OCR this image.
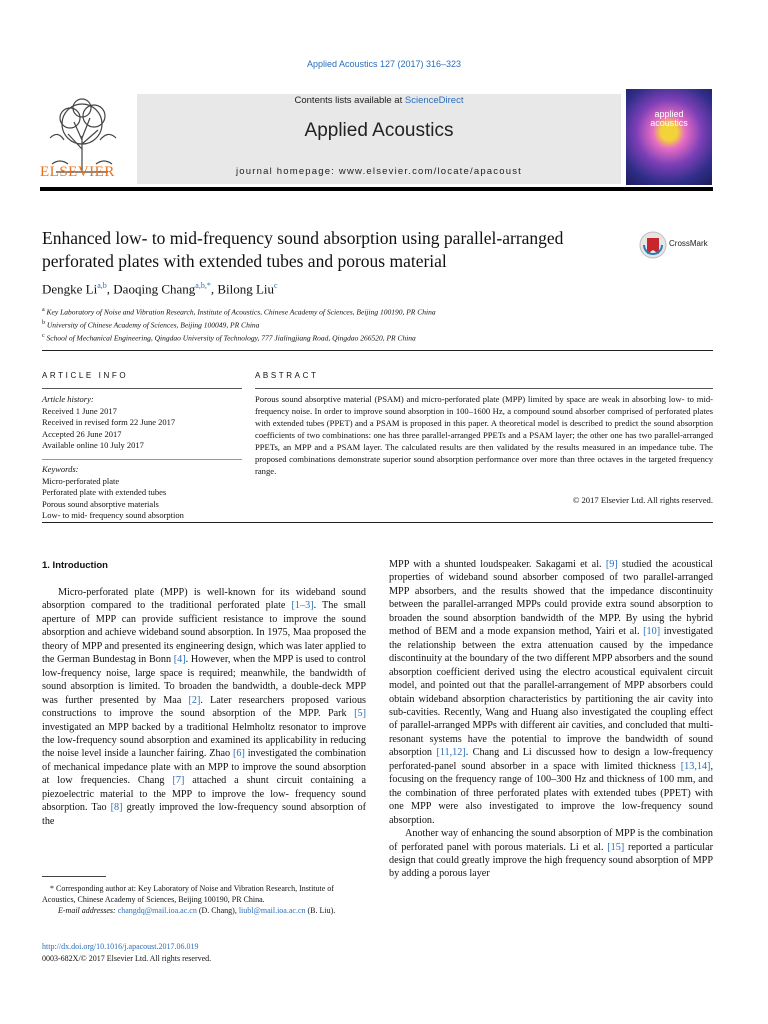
Applied Acoustics 127 (2017) 316–323
Contents lists available at ScienceDirect
Applied Acoustics
journal homepage: www.elsevier.com/locate/apacoust
ELSEVIER
applied
acoustics
Enhanced low- to mid-frequency sound absorption using parallel-arranged perforated plates with extended tubes and porous material
CrossMark
Dengke Li$^{a,b}$, Daoqing Chang$^{a,b,*}$, Bilong Liu$^c$
$^a$ Key Laboratory of Noise and Vibration Research, Institute of Acoustics, Chinese Academy of Sciences, Beijing 100190, PR China
$^b$ University of Chinese Academy of Sciences, Beijing 100049, PR China
$^c$ School of Mechanical Engineering, Qingdao University of Technology, 777 Jialingjiang Road, Qingdao 266520, PR China
ARTICLE INFO
Article history:
Received 1 June 2017
Received in revised form 22 June 2017
Accepted 26 June 2017
Available online 10 July 2017
Keywords:
Micro-perforated plate
Perforated plate with extended tubes
Porous sound absorptive materials
Low- to mid- frequency sound absorption
ABSTRACT
Porous sound absorptive material (PSAM) and micro-perforated plate (MPP) limited by space are weak in absorbing low- to mid- frequency noise. In order to improve sound absorption in 100–1600 Hz, a compound sound absorber comprised of perforated plates with extended tubes (PPET) and a PSAM is proposed in this paper. A theoretical model is described to predict the sound absorption coefficients of two combinations: one has three parallel-arranged PPETs and a PSAM layer; the other one has two parallel-arranged PPETs, an MPP and a PSAM layer. The calculated results are then validated by the results measured in an impedance tube. The proposed combinations demonstrate superior sound absorption performance over more than three octaves in the targeted frequency range.
© 2017 Elsevier Ltd. All rights reserved.
1. Introduction

Micro-perforated plate (MPP) is well-known for its wideband sound absorption compared to the traditional perforated plate [1–3]. The small aperture of MPP can provide sufficient resistance to improve the sound absorption and achieve wideband sound absorption. In 1975, Maa proposed the theory of MPP and presented its engineering design, which was later applied to the German Bundestag in Bonn [4]. However, when the MPP is used to control low-frequency noise, large space is required; meanwhile, the bandwidth of sound absorption is limited. To broaden the bandwidth, a double-deck MPP was further presented by Maa [2]. Later researchers proposed various constructions to improve the sound absorption of the MPP. Park [5] investigated an MPP backed by a traditional Helmholtz resonator to improve the low-frequency sound absorption and examined its applicability in reducing the noise level inside a launcher fairing. Zhao [6] investigated the combination of mechanical impedance plate with an MPP to improve the sound absorption at low frequencies. Chang [7] attached a shunt circuit containing a piezoelectric material to the MPP to improve the low- frequency sound absorption. Tao [8] greatly improved the low-frequency sound absorption of the

MPP with a shunted loudspeaker. Sakagami et al. [9] studied the acoustical properties of wideband sound absorber composed of two parallel-arranged MPP absorbers, and the results showed that the impedance discontinuity between the parallel-arranged MPPs could provide extra sound absorption to broaden the sound absorption bandwidth of the MPP. By using the hybrid method of BEM and a mode expansion method, Yairi et al. [10] investigated the relationship between the extra attenuation caused by the impedance discontinuity at the boundary of the two different MPP absorbers and the sound absorption coefficient derived using the electro acoustical equivalent circuit model, and pointed out that the parallel-arrangement of MPP absorbers could obtain wideband absorption characteristics by partitioning the air cavity into sub-cavities. Recently, Wang and Huang also investigated the coupling effect of parallel-arranged MPPs with different air cavities, and concluded that multi-resonant systems have the potential to improve the bandwidth of sound absorption [11,12]. Chang and Li discussed how to design a low-frequency perforated-panel sound absorber in a space with limited thickness [13,14], focusing on the frequency range of 100–300 Hz and thickness of 100 mm, and the combination of three perforated plates with extended tubes (PPET) with one MPP were also investigated to improve the low-frequency sound absorption.

Another way of enhancing the sound absorption of MPP is the combination of perforated panel with porous materials. Li et al. [15] reported a particular design that could greatly improve the high frequency sound absorption of MPP by adding a porous layer

* Corresponding author at: Key Laboratory of Noise and Vibration Research, Institute of Acoustics, Chinese Academy of Sciences, Beijing 100190, PR China.
E-mail addresses: changdq@mail.ioa.ac.cn (D. Chang), liubl@mail.ioa.ac.cn (B. Liu).
http://dx.doi.org/10.1016/j.apacoust.2017.06.019
0003-682X/© 2017 Elsevier Ltd. All rights reserved.
